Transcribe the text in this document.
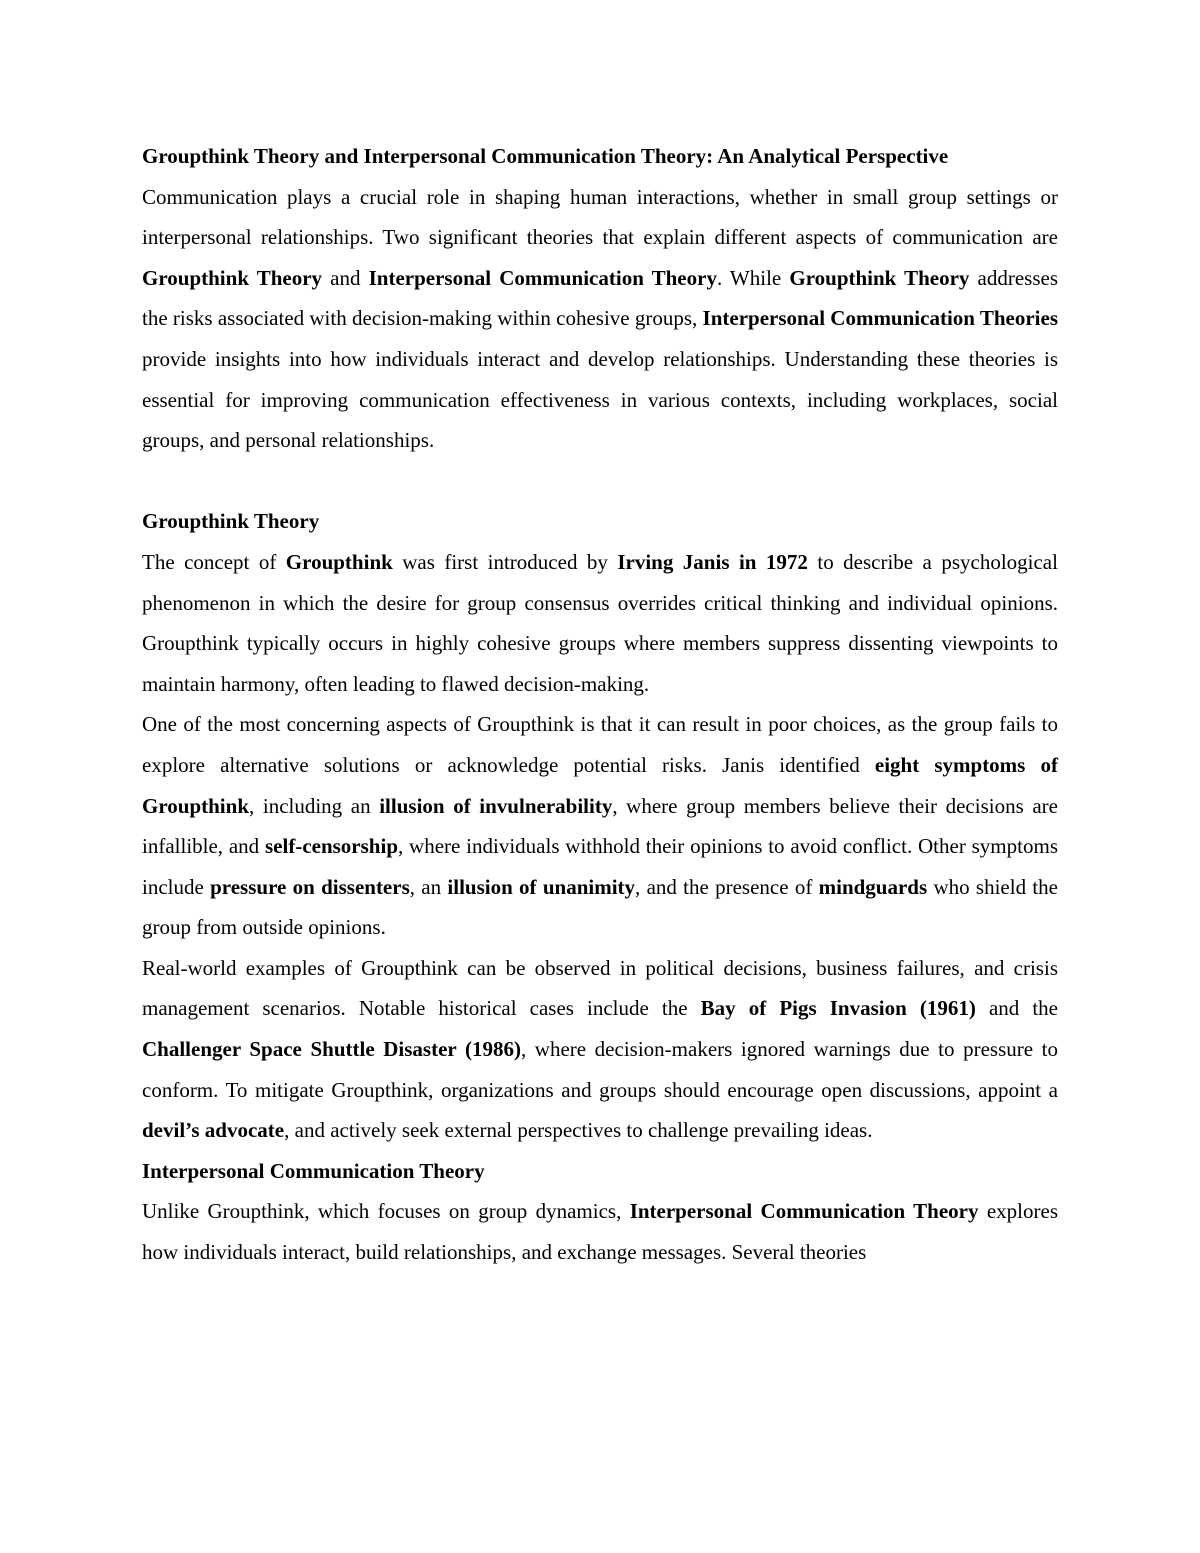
Groupthink Theory and Interpersonal Communication Theory: An Analytical Perspective

Communication plays a crucial role in shaping human interactions, whether in small group settings or interpersonal relationships. Two significant theories that explain different aspects of communication are Groupthink Theory and Interpersonal Communication Theory. While Groupthink Theory addresses the risks associated with decision-making within cohesive groups, Interpersonal Communication Theories provide insights into how individuals interact and develop relationships. Understanding these theories is essential for improving communication effectiveness in various contexts, including workplaces, social groups, and personal relationships.

Groupthink Theory

The concept of Groupthink was first introduced by Irving Janis in 1972 to describe a psychological phenomenon in which the desire for group consensus overrides critical thinking and individual opinions. Groupthink typically occurs in highly cohesive groups where members suppress dissenting viewpoints to maintain harmony, often leading to flawed decision-making.

One of the most concerning aspects of Groupthink is that it can result in poor choices, as the group fails to explore alternative solutions or acknowledge potential risks. Janis identified eight symptoms of Groupthink, including an illusion of invulnerability, where group members believe their decisions are infallible, and self-censorship, where individuals withhold their opinions to avoid conflict. Other symptoms include pressure on dissenters, an illusion of unanimity, and the presence of mindguards who shield the group from outside opinions.

Real-world examples of Groupthink can be observed in political decisions, business failures, and crisis management scenarios. Notable historical cases include the Bay of Pigs Invasion (1961) and the Challenger Space Shuttle Disaster (1986), where decision-makers ignored warnings due to pressure to conform. To mitigate Groupthink, organizations and groups should encourage open discussions, appoint a devil’s advocate, and actively seek external perspectives to challenge prevailing ideas.

Interpersonal Communication Theory

Unlike Groupthink, which focuses on group dynamics, Interpersonal Communication Theory explores how individuals interact, build relationships, and exchange messages. Several theories
